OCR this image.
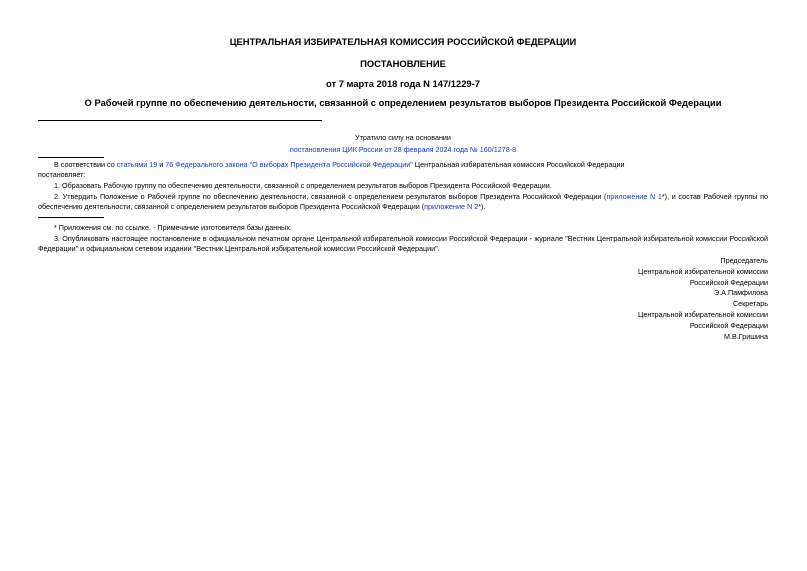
ЦЕНТРАЛЬНАЯ ИЗБИРАТЕЛЬНАЯ КОМИССИЯ РОССИЙСКОЙ ФЕДЕРАЦИИ
ПОСТАНОВЛЕНИЕ
от 7 марта 2018 года N 147/1229-7
О Рабочей группе по обеспечению деятельности, связанной с определением результатов выборов Президента Российской Федерации
Утратило силу на основании
постановления ЦИК России от 28 февраля 2024 года № 160/1278-8
В соответствии со статьями 19 и 76 Федерального закона "О выборах Президента Российской Федерации" Центральная избирательная комиссия Российской Федерации
постановляет:
1. Образовать Рабочую группу по обеспечению деятельности, связанной с определением результатов выборов Президента Российской Федерации.
2. Утвердить Положение о Рабочей группе по обеспечению деятельности, связанной с определением результатов выборов Президента Российской Федерации (приложение N 1*), и состав Рабочей группы по обеспечению деятельности, связанной с определением результатов выборов Президента Российской Федерации (приложение N 2*).
* Приложения см. по ссылке. - Примечание изготовителя базы данных.
3. Опубликовать настоящее постановление в официальном печатном органе Центральной избирательной комиссии Российской Федерации - журнале "Вестник Центральной избирательной комиссии Российской Федерации" и официальном сетевом издании "Вестник Центральной избирательной комиссии Российской Федерации".
Председатель
Центральной избирательной комиссии
Российской Федерации
Э.А.Памфилова
Секретарь
Центральной избирательной комиссии
Российской Федерации
М.В.Гришина
